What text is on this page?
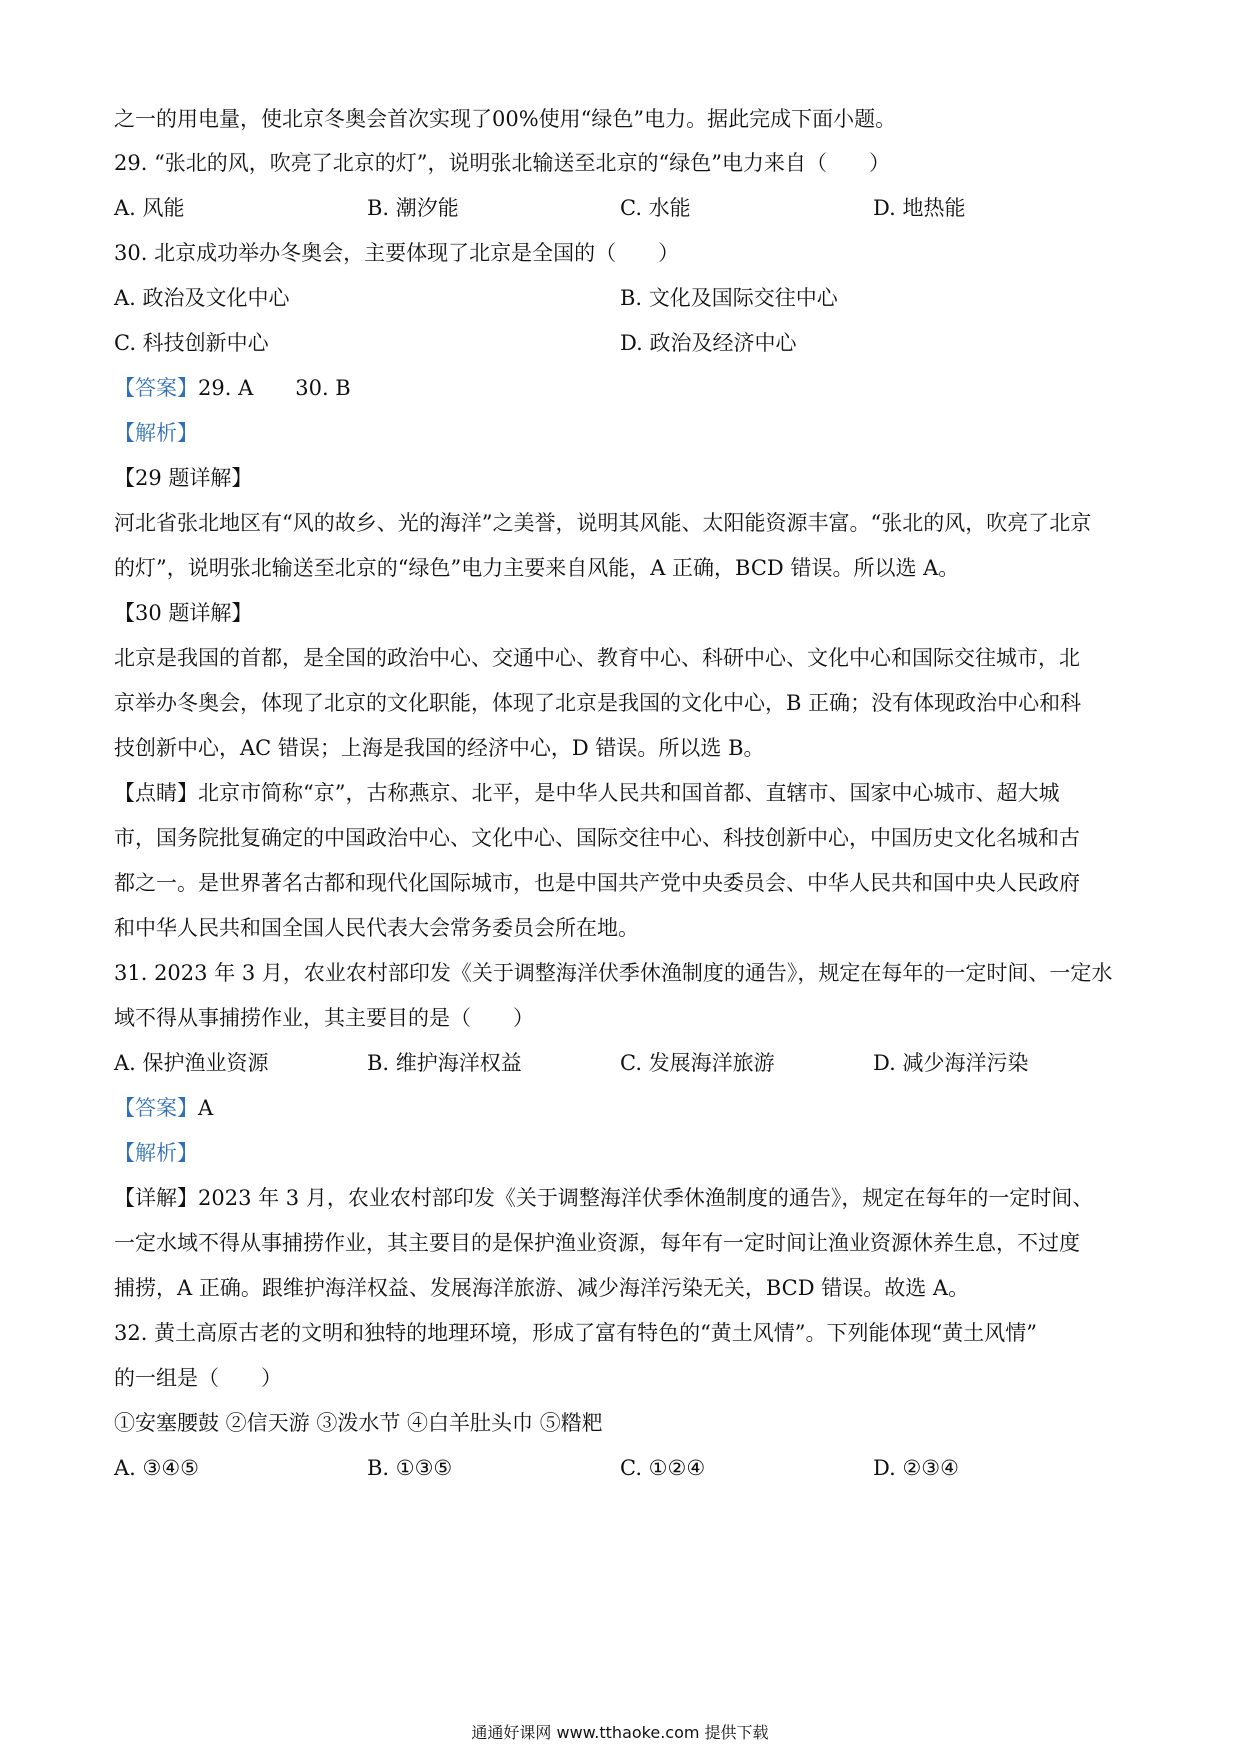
之一的用电量，使北京冬奥会首次实现了00%使用“绿色”电力。据此完成下面小题。
29. “张北的风，吹亮了北京的灯”，说明张北输送至北京的“绿色”电力来自（　　）
A. 风能	B. 潮汐能	C. 水能	D. 地热能
30. 北京成功举办冬奥会，主要体现了北京是全国的（　　）
A. 政治及文化中心	B. 文化及国际交往中心
C. 科技创新中心	D. 政治及经济中心
【答案】29. A　　30. B
【解析】
【29 题详解】
河北省张北地区有“风的故乡、光的海洋”之美誉，说明其风能、太阳能资源丰富。“张北的风，吹亮了北京
的灯”，说明张北输送至北京的“绿色”电力主要来自风能，A 正确，BCD 错误。所以选 A。
【30 题详解】
北京是我国的首都，是全国的政治中心、交通中心、教育中心、科研中心、文化中心和国际交往城市，北
京举办冬奥会，体现了北京的文化职能，体现了北京是我国的文化中心，B 正确；没有体现政治中心和科
技创新中心，AC 错误；上海是我国的经济中心，D 错误。所以选 B。
【点睛】北京市简称“京”，古称燕京、北平，是中华人民共和国首都、直辖市、国家中心城市、超大城
市，国务院批复确定的中国政治中心、文化中心、国际交往中心、科技创新中心，中国历史文化名城和古
都之一。是世界著名古都和现代化国际城市，也是中国共产党中央委员会、中华人民共和国中央人民政府
和中华人民共和国全国人民代表大会常务委员会所在地。
31. 2023 年 3 月，农业农村部印发《关于调整海洋伏季休渔制度的通告》，规定在每年的一定时间、一定水
域不得从事捕捞作业，其主要目的是（　　）
A. 保护渔业资源	B. 维护海洋权益	C. 发展海洋旅游	D. 减少海洋污染
【答案】A
【解析】
【详解】2023 年 3 月，农业农村部印发《关于调整海洋伏季休渔制度的通告》，规定在每年的一定时间、
一定水域不得从事捕捞作业，其主要目的是保护渔业资源，每年有一定时间让渔业资源休养生息，不过度
捕捞，A 正确。跟维护海洋权益、发展海洋旅游、减少海洋污染无关，BCD 错误。故选 A。
32. 黄土高原古老的文明和独特的地理环境，形成了富有特色的“黄土风情”。下列能体现“黄土风情”
的一组是（　　）
①安塞腰鼓 ②信天游 ③泼水节 ④白羊肚头巾 ⑤糌粑
A. ③④⑤	B. ①③⑤	C. ①②④	D. ②③④
通通好课网 www.tthaoke.com 提供下载
